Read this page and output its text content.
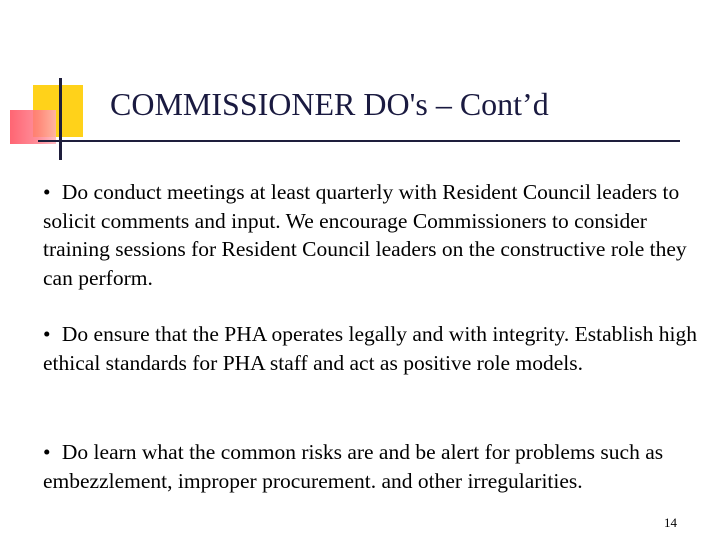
COMMISSIONER DO's – Cont’d
• Do conduct meetings at least quarterly with Resident Council leaders to solicit comments and input. We encourage Commissioners to consider training sessions for Resident Council leaders on the constructive role they can perform.
• Do ensure that the PHA operates legally and with integrity. Establish high ethical standards for PHA staff and act as positive role models.
• Do learn what the common risks are and be alert for problems such as embezzlement, improper procurement. and other irregularities.
14
